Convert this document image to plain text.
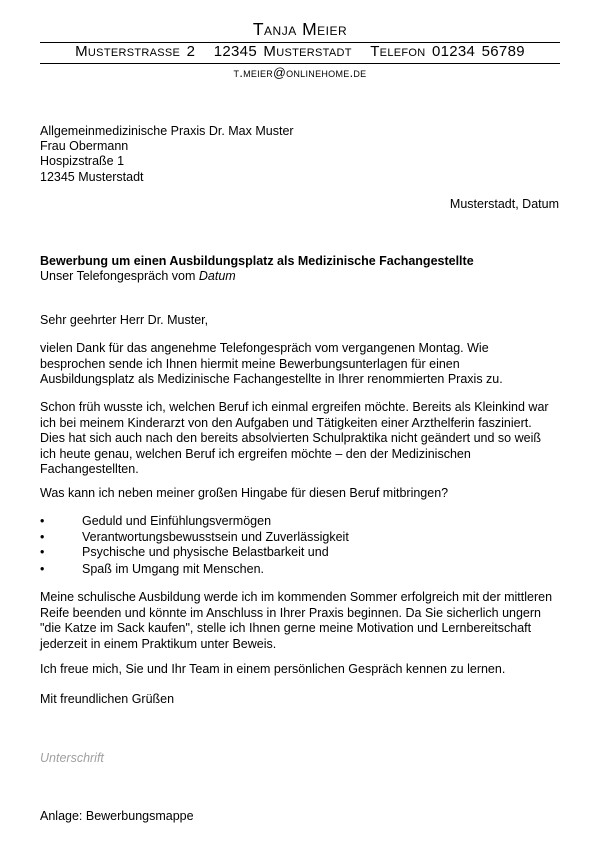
Tanja Meier
Musterstrasse 2 12345 Musterstadt Telefon 01234 56789
t.meier@onlinehome.de
Allgemeinmedizinische Praxis Dr. Max Muster
Frau Obermann
Hospizstraße 1
12345 Musterstadt
Musterstadt, Datum
Bewerbung um einen Ausbildungsplatz als Medizinische Fachangestellte
Unser Telefongespräch vom Datum
Sehr geehrter Herr Dr. Muster,
vielen Dank für das angenehme Telefongespräch vom vergangenen Montag. Wie
besprochen sende ich Ihnen hiermit meine Bewerbungsunterlagen für einen
Ausbildungsplatz als Medizinische Fachangestellte in Ihrer renommierten Praxis zu.
Schon früh wusste ich, welchen Beruf ich einmal ergreifen möchte. Bereits als Kleinkind war
ich bei meinem Kinderarzt von den Aufgaben und Tätigkeiten einer Arzthelferin fasziniert.
Dies hat sich auch nach den bereits absolvierten Schulpraktika nicht geändert und so weiß
ich heute genau, welchen Beruf ich ergreifen möchte – den der Medizinischen
Fachangestellten.
Was kann ich neben meiner großen Hingabe für diesen Beruf mitbringen?
•	Geduld und Einfühlungsvermögen
•	Verantwortungsbewusstsein und Zuverlässigkeit
•	Psychische und physische Belastbarkeit und
•	Spaß im Umgang mit Menschen.
Meine schulische Ausbildung werde ich im kommenden Sommer erfolgreich mit der mittleren
Reife beenden und könnte im Anschluss in Ihrer Praxis beginnen. Da Sie sicherlich ungern
"die Katze im Sack kaufen", stelle ich Ihnen gerne meine Motivation und Lernbereitschaft
jederzeit in einem Praktikum unter Beweis.
Ich freue mich, Sie und Ihr Team in einem persönlichen Gespräch kennen zu lernen.
Mit freundlichen Grüßen
Unterschrift
Anlage: Bewerbungsmappe
